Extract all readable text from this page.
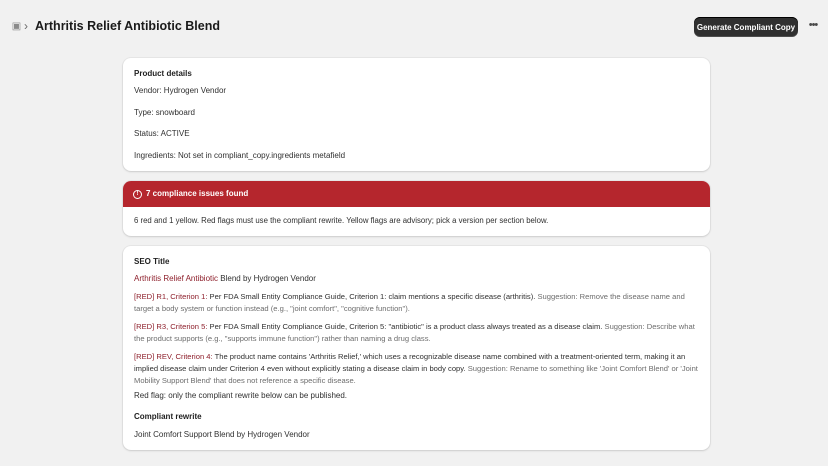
▣ › Arthritis Relief Antibiotic Blend	Generate Compliant Copy •••
Product details
Vendor: Hydrogen Vendor
Type: snowboard
Status: ACTIVE
Ingredients: Not set in compliant_copy.ingredients metafield
! 7 compliance issues found
6 red and 1 yellow. Red flags must use the compliant rewrite. Yellow flags are advisory; pick a version per section below.
SEO Title
Arthritis Relief Antibiotic Blend by Hydrogen Vendor
[RED] R1, Criterion 1: Per FDA Small Entity Compliance Guide, Criterion 1: claim mentions a specific disease (arthritis). Suggestion: Remove the disease name and target a body system or function instead (e.g., "joint comfort", "cognitive function").
[RED] R3, Criterion 5: Per FDA Small Entity Compliance Guide, Criterion 5: "antibiotic" is a product class always treated as a disease claim. Suggestion: Describe what the product supports (e.g., "supports immune function") rather than naming a drug class.
[RED] REV, Criterion 4: The product name contains 'Arthritis Relief,' which uses a recognizable disease name combined with a treatment-oriented term, making it an implied disease claim under Criterion 4 even without explicitly stating a disease claim in body copy. Suggestion: Rename to something like 'Joint Comfort Blend' or 'Joint Mobility Support Blend' that does not reference a specific disease.
Red flag: only the compliant rewrite below can be published.
Compliant rewrite
Joint Comfort Support Blend by Hydrogen Vendor
